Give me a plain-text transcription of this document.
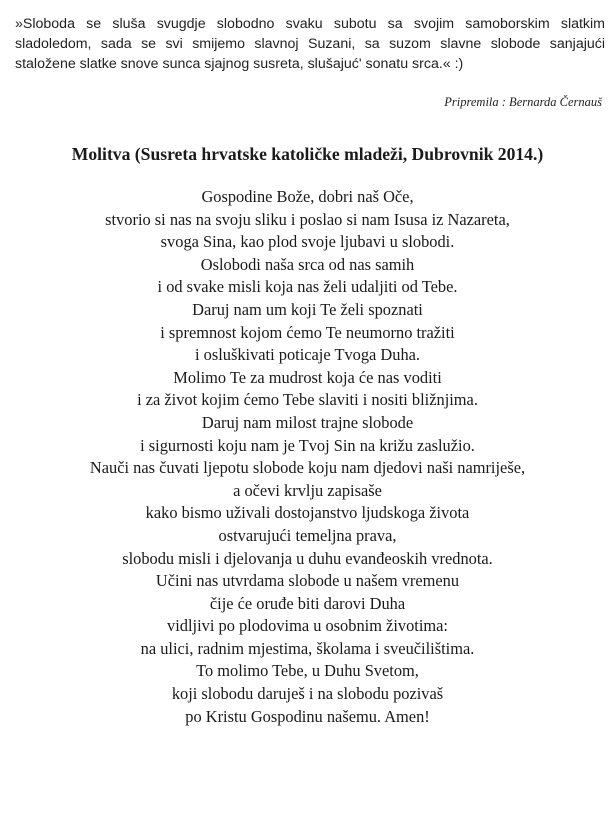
»Sloboda se sluša svugdje slobodno svaku subotu sa svojim samoborskim slatkim sladoledom, sada se svi smijemo slavnoj Suzani, sa suzom slavne slobode sanjajući staložene slatke snove sunca sjajnog susreta, slušajuć' sonatu srca.« :)

Pripremila : Bernarda Černauš
Molitva (Susreta hrvatske katoličke mladeži, Dubrovnik 2014.)
Gospodine Bože, dobri naš Oče,
stvorio si nas na svoju sliku i poslao si nam Isusa iz Nazareta,
svoga Sina, kao plod svoje ljubavi u slobodi.
Oslobodi naša srca od nas samih
i od svake misli koja nas želi udaljiti od Tebe.
Daruj nam um koji Te želi spoznati
i spremnost kojom ćemo Te neumorno tražiti
i osluškivati poticaje Tvoga Duha.
Molimo Te za mudrost koja će nas voditi
i za život kojim ćemo Tebe slaviti i nositi bližnjima.
Daruj nam milost trajne slobode
i sigurnosti koju nam je Tvoj Sin na križu zaslužio.
Nauči nas čuvati ljepotu slobode koju nam djedovi naši namriješe,
a očevi krvlju zapisaše
kako bismo uživali dostojanstvo ljudskoga života
ostvarujući temeljna prava,
slobodu misli i djelovanja u duhu evanđeoskih vrednota.
Učini nas utvrdama slobode u našem vremenu
čije će oruđe biti darovi Duha
vidljivi po plodovima u osobnim životima:
na ulici, radnim mjestima, školama i sveučilištima.
To molimo Tebe, u Duhu Svetom,
koji slobodu daruješ i na slobodu pozivaš
po Kristu Gospodinu našemu. Amen!
